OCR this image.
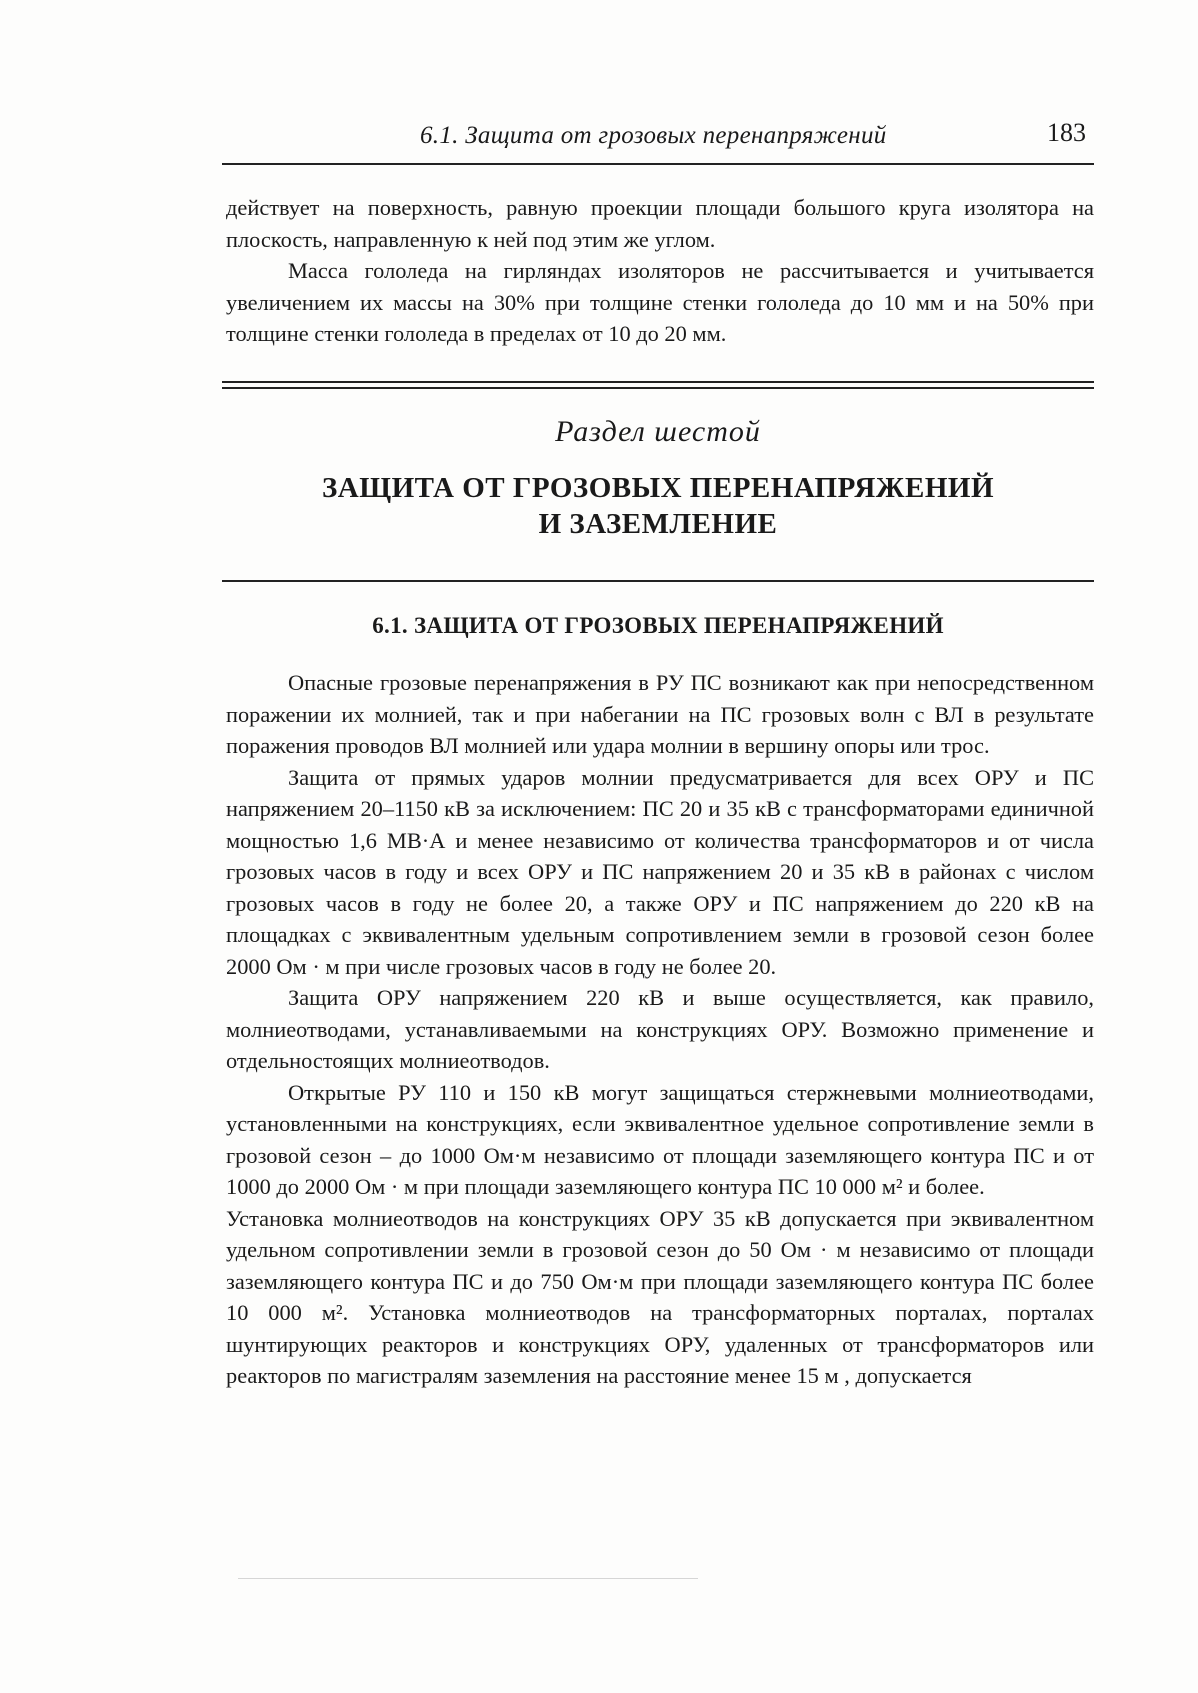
6.1. Защита от грозовых перенапряжений	183

действует на поверхность, равную проекции площади большого круга изолятора на плоскость, направленную к ней под этим же углом.

Масса гололеда на гирляндах изоляторов не рассчитывается и учитывается увеличением их массы на 30% при толщине стенки гололеда до 10 мм и на 50% при толщине стенки гололеда в пределах от 10 до 20 мм.

Раздел шестой
ЗАЩИТА ОТ ГРОЗОВЫХ ПЕРЕНАПРЯЖЕНИЙ
И ЗАЗЕМЛЕНИЕ
6.1. ЗАЩИТА ОТ ГРОЗОВЫХ ПЕРЕНАПРЯЖЕНИЙ

Опасные грозовые перенапряжения в РУ ПС возникают как при непосредственном поражении их молнией, так и при набегании на ПС грозовых волн с ВЛ в результате поражения проводов ВЛ молнией или удара молнии в вершину опоры или трос.

Защита от прямых ударов молнии предусматривается для всех ОРУ и ПС напряжением 20–1150 кВ за исключением: ПС 20 и 35 кВ с трансформаторами единичной мощностью 1,6 МВ·А и менее независимо от количества трансформаторов и от числа грозовых часов в году и всех ОРУ и ПС напряжением 20 и 35 кВ в районах с числом грозовых часов в году не более 20, а также ОРУ и ПС напряжением до 220 кВ на площадках с эквивалентным удельным сопротивлением земли в грозовой сезон более 2000 Ом · м при числе грозовых часов в году не более 20.

Защита ОРУ напряжением 220 кВ и выше осуществляется, как правило, молниеотводами, устанавливаемыми на конструкциях ОРУ. Возможно применение и отдельностоящих молниеотводов.

Открытые РУ 110 и 150 кВ могут защищаться стержневыми молниеотводами, установленными на конструкциях, если эквивалентное удельное сопротивление земли в грозовой сезон – до 1000 Ом·м независимо от площади заземляющего контура ПС и от 1000 до 2000 Ом · м при площади заземляющего контура ПС 10 000 м² и более.

Установка молниеотводов на конструкциях ОРУ 35 кВ допускается при эквивалентном удельном сопротивлении земли в грозовой сезон до 50 Ом · м независимо от площади заземляющего контура ПС и до 750 Ом·м при площади заземляющего контура ПС более 10 000 м². Установка молниеотводов на трансформаторных порталах, порталах шунтирующих реакторов и конструкциях ОРУ, удаленных от трансформаторов или реакторов по магистралям заземления на расстояние менее 15 м , допускается
